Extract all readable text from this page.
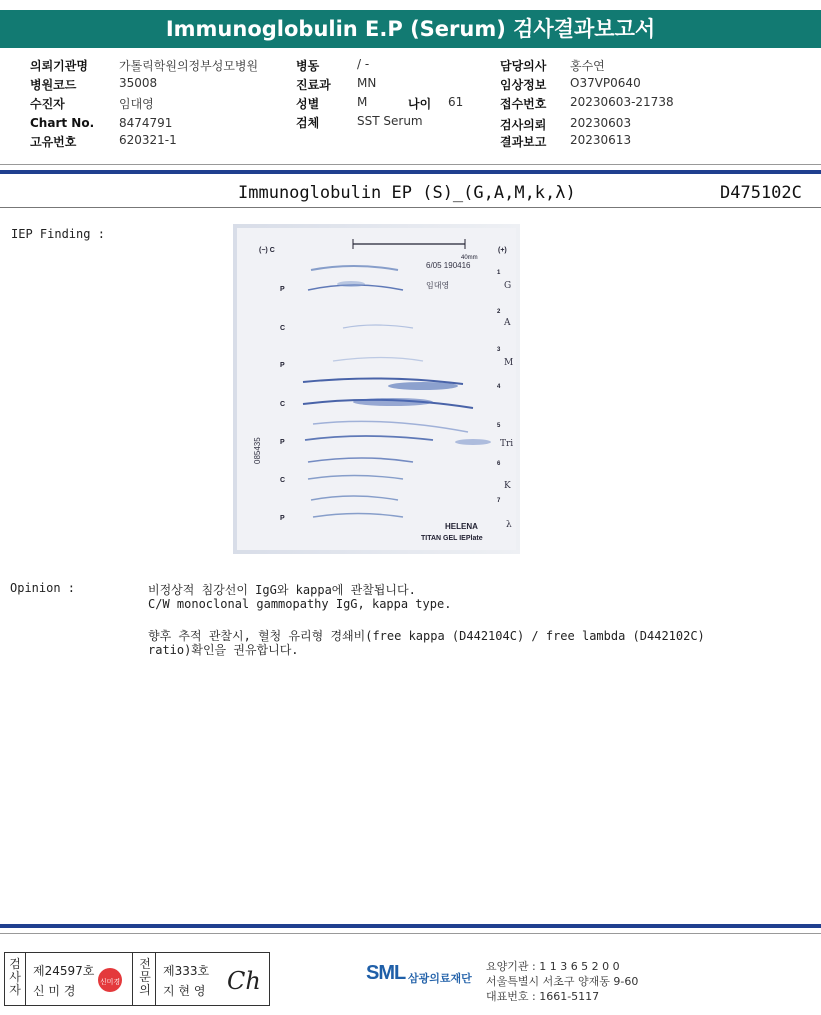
Immunoglobulin E.P (Serum) 검사결과보고서
의뢰기관명	가톨릭학원의정부성모병원
병원코드	35008
수진자	임대영
Chart No. 8474791
고유번호	620321-1
병동	/ -
진료과 MN
성별	M	나이 61
검체	SST Serum
담당의사 홍수연
임상정보 O37VP0640
접수번호 20230603-21738
검사의뢰 20230603
결과보고 20230613
Immunoglobulin EP (S)_(G,A,M,k,λ)	D475102C
IEP Finding :
40mm
6/05 190416
임대영
085435
(−) C
P
C
P
C
P
C
P
(+)
1
2
3
4
5
6
7
G
A
M
Tri
K
λ
HELENA
TITAN GEL IEPlate
Opinion :	비정상적 침강선이 IgG와 kappa에 관찰됩니다.
C/W monoclonal gammopathy IgG, kappa type.
향후 추적 관찰시, 혈청 유리형 경쇄비(free kappa (D442104C) / free lambda (D442102C)
ratio)확인을 권유합니다.
검사자
제24597호
신 미 경
신미경
전문의
제333호
지 현 영 Ch	SML 삼광의료재단
요양기관 : 1 1 3 6 5 2 0 0
서울특별시 서초구 양재동 9-60
대표번호 : 1661-5117
